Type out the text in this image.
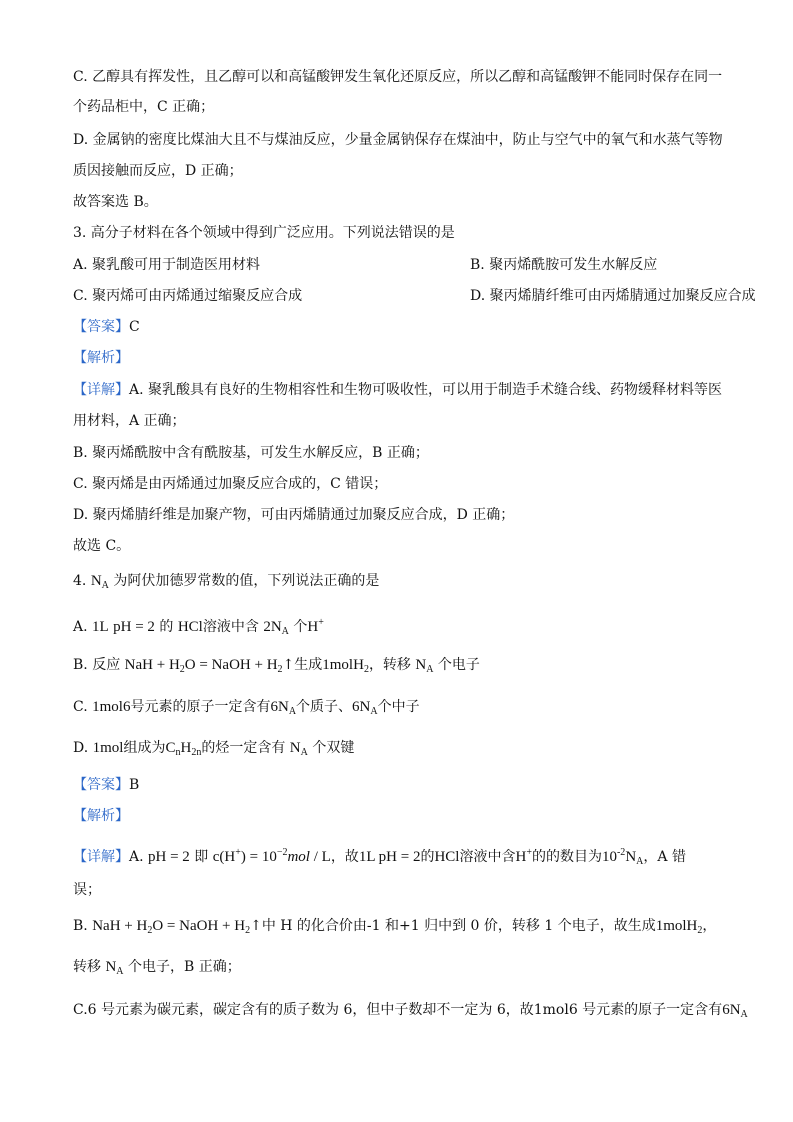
C. 乙醇具有挥发性，且乙醇可以和高锰酸钾发生氧化还原反应，所以乙醇和高锰酸钾不能同时保存在同一
个药品柜中，C 正确；
D. 金属钠的密度比煤油大且不与煤油反应，少量金属钠保存在煤油中，防止与空气中的氧气和水蒸气等物
质因接触而反应，D 正确；
故答案选 B。
3. 高分子材料在各个领域中得到广泛应用。下列说法错误的是
A. 聚乳酸可用于制造医用材料	B. 聚丙烯酰胺可发生水解反应
C. 聚丙烯可由丙烯通过缩聚反应合成	D. 聚丙烯腈纤维可由丙烯腈通过加聚反应合成
【答案】C
【解析】
【详解】A. 聚乳酸具有良好的生物相容性和生物可吸收性，可以用于制造手术缝合线、药物缓释材料等医
用材料，A 正确；
B. 聚丙烯酰胺中含有酰胺基，可发生水解反应，B 正确；
C. 聚丙烯是由丙烯通过加聚反应合成的，C 错误；
D. 聚丙烯腈纤维是加聚产物，可由丙烯腈通过加聚反应合成，D 正确；
故选 C。
4. $N_A$ 为阿伏加德罗常数的值，下列说法正确的是
A. 1L pH = 2 的 HCl溶液中含 $2N_A$ 个H+
B. 反应 NaH + $H_2O$ = NaOH + $H_2↑$生成1molH$_2$，转移 $N_A$ 个电子
C. 1mol6号元素的原子一定含有$6N_A$个质子、$6N_A$个中子
D. 1mol组成为$C_nH_{2n}$的烃一定含有 $N_A$ 个双键
【答案】B
【解析】
【详解】A. pH = 2 即 $c(H^+) = 10^{-2}mol / L$，故1L pH = 2的HCl溶液中含H+的的数目为$10^{-2}N_A$，A 错
误；
B. NaH + $H_2O$ = NaOH + $H_2↑$中 H 的化合价由-1 和+1 归中到 0 价，转移 1 个电子，故生成1molH$_2$，
转移 $N_A$ 个电子，B 正确；
C.6 号元素为碳元素，碳定含有的质子数为 6，但中子数却不一定为 6，故1mol6 号元素的原子一定含有$6N_A$
